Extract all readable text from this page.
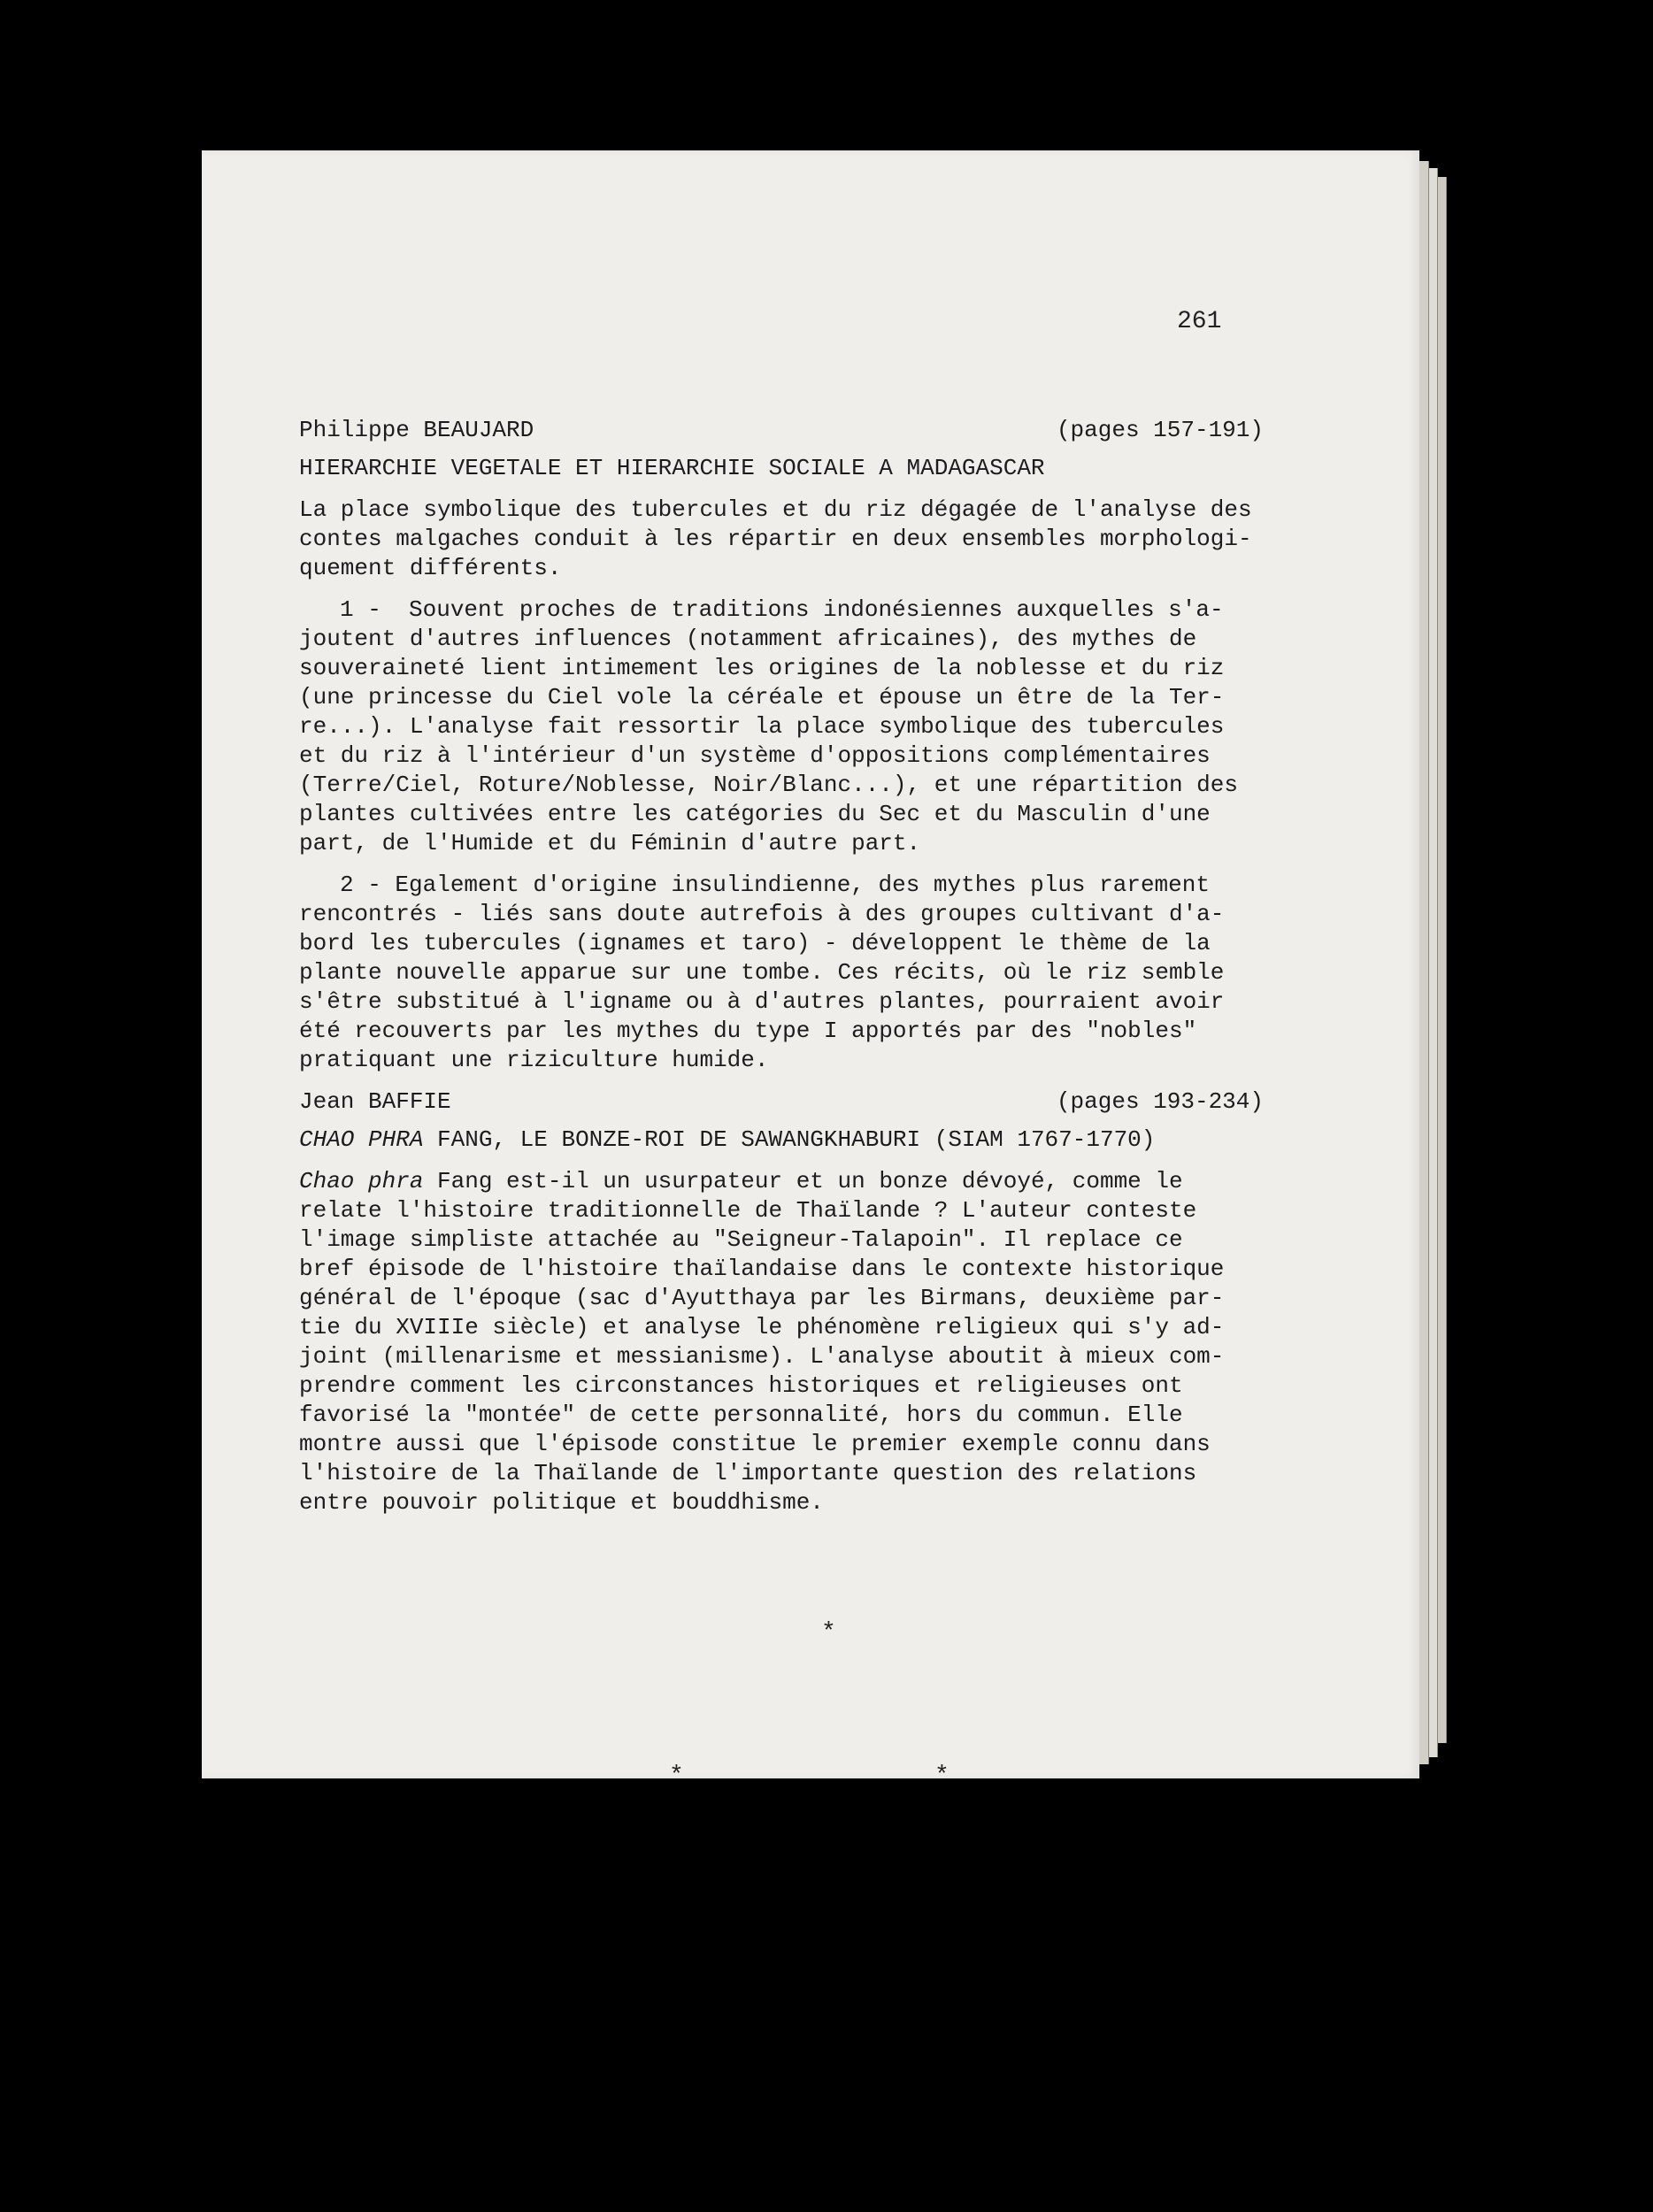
261
Philippe BEAUJARD	(pages 157-191)
HIERARCHIE VEGETALE ET HIERARCHIE SOCIALE A MADAGASCAR
La place symbolique des tubercules et du riz dégagée de l'analyse des
contes malgaches conduit à les répartir en deux ensembles morphologi-
quement différents.
1 -  Souvent proches de traditions indonésiennes auxquelles s'a-
joutent d'autres influences (notamment africaines), des mythes de
souveraineté lient intimement les origines de la noblesse et du riz
(une princesse du Ciel vole la céréale et épouse un être de la Ter-
re...). L'analyse fait ressortir la place symbolique des tubercules
et du riz à l'intérieur d'un système d'oppositions complémentaires
(Terre/Ciel, Roture/Noblesse, Noir/Blanc...), et une répartition des
plantes cultivées entre les catégories du Sec et du Masculin d'une
part, de l'Humide et du Féminin d'autre part.
2 - Egalement d'origine insulindienne, des mythes plus rarement
rencontrés - liés sans doute autrefois à des groupes cultivant d'a-
bord les tubercules (ignames et taro) - développent le thème de la
plante nouvelle apparue sur une tombe. Ces récits, où le riz semble
s'être substitué à l'igname ou à d'autres plantes, pourraient avoir
été recouverts par les mythes du type I apportés par des "nobles"
pratiquant une riziculture humide.
Jean BAFFIE	(pages 193-234)
CHAO PHRA FANG, LE BONZE-ROI DE SAWANGKHABURI (SIAM 1767-1770)
Chao phra Fang est-il un usurpateur et un bonze dévoyé, comme le
relate l'histoire traditionnelle de Thaïlande ? L'auteur conteste
l'image simpliste attachée au "Seigneur-Talapoin". Il replace ce
bref épisode de l'histoire thaïlandaise dans le contexte historique
général de l'époque (sac d'Ayutthaya par les Birmans, deuxième par-
tie du XVIIIe siècle) et analyse le phénomène religieux qui s'y ad-
joint (millenarisme et messianisme). L'analyse aboutit à mieux com-
prendre comment les circonstances historiques et religieuses ont
favorisé la "montée" de cette personnalité, hors du commun. Elle
montre aussi que l'épisode constitue le premier exemple connu dans
l'histoire de la Thaïlande de l'importante question des relations
entre pouvoir politique et bouddhisme.
*
*	*
